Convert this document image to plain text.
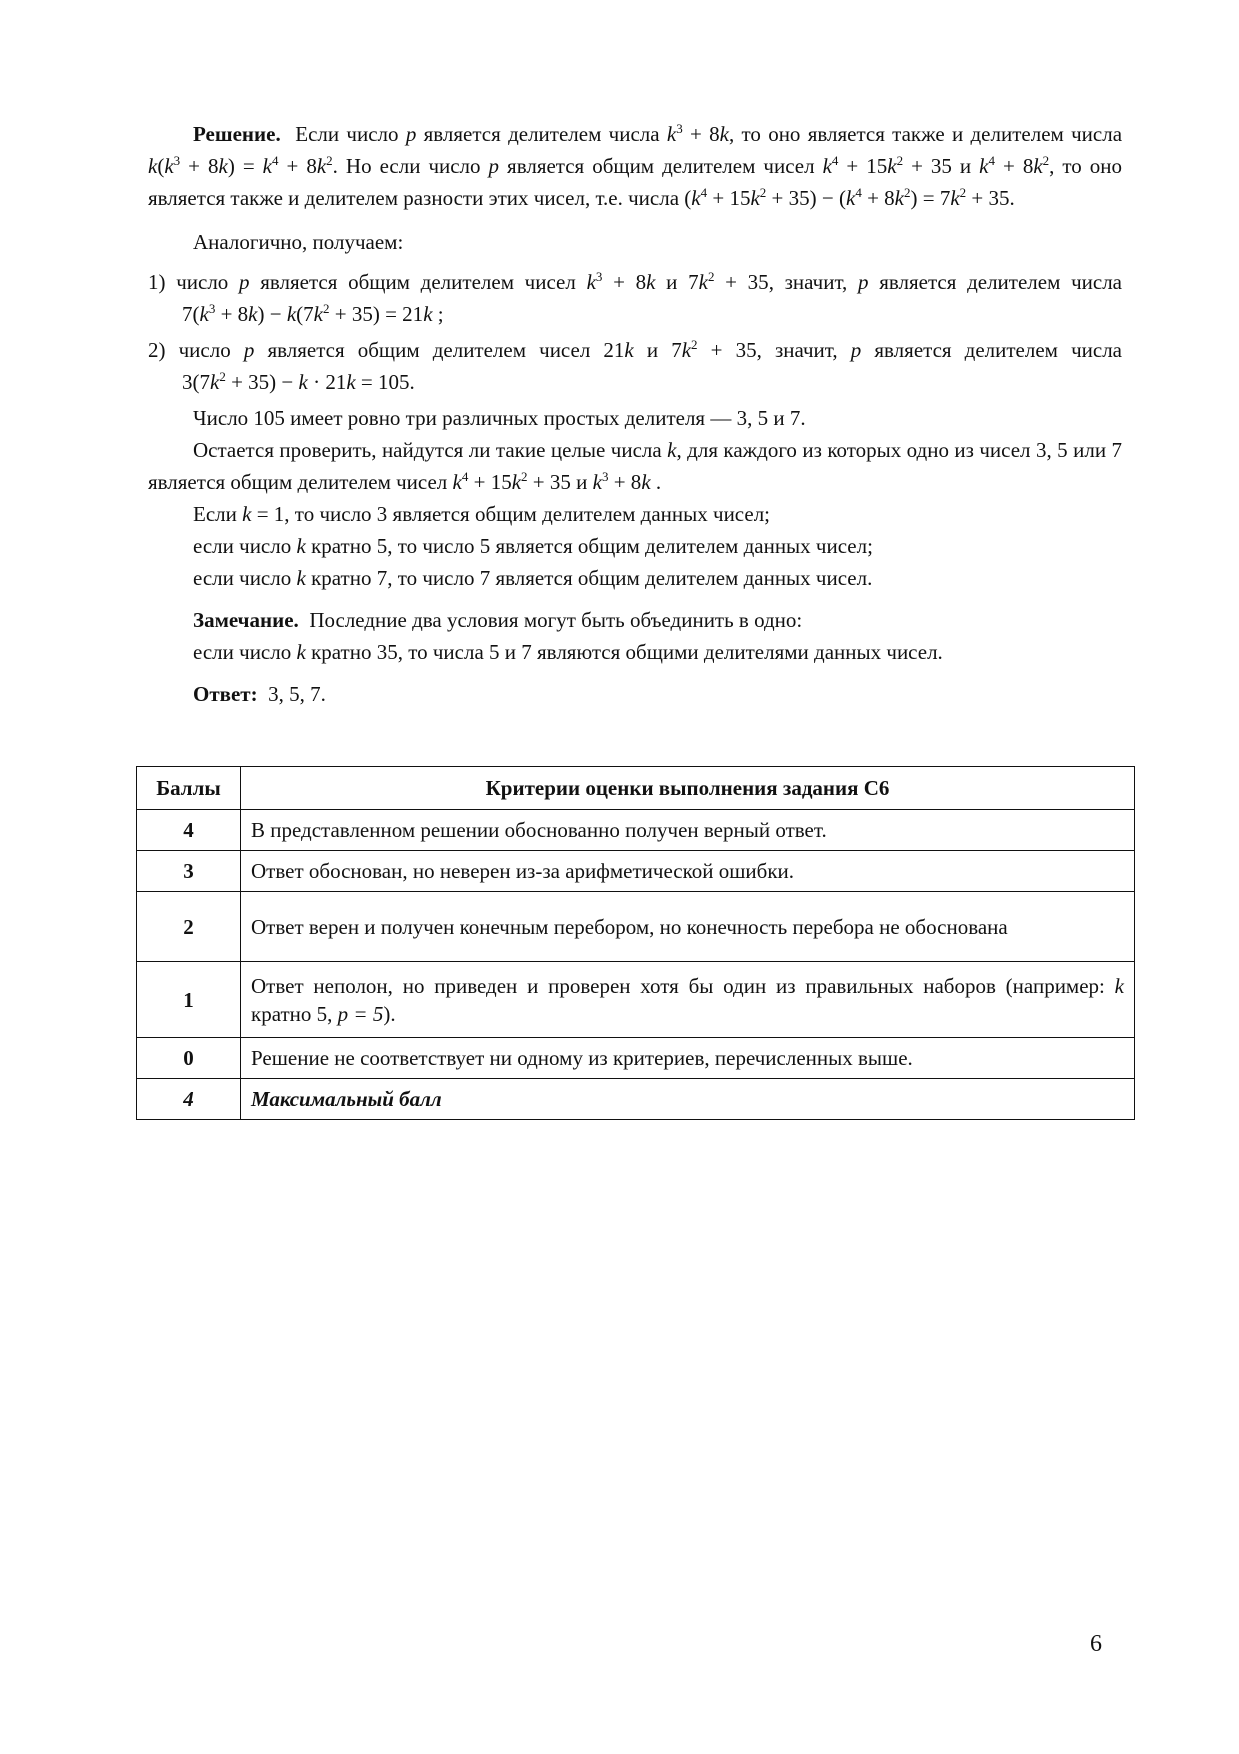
Решение. Если число p является делителем числа $k^3 + 8k$, то оно является также и делителем числа $k(k^3 + 8k) = k^4 + 8k^2$. Но если число p является общим делителем чисел $k^4 + 15k^2 + 35$ и $k^4 + 8k^2$, то оно является также и делителем разности этих чисел, т.е. числа $(k^4 + 15k^2 + 35) - (k^4 + 8k^2) = 7k^2 + 35$.

Аналогично, получаем:

1) число p является общим делителем чисел $k^3 + 8k$ и $7k^2 + 35$, значит, p является делителем числа $7(k^3 + 8k) - k(7k^2 + 35) = 21k$ ;

2) число p является общим делителем чисел 21k и $7k^2 + 35$, значит, p является делителем числа $3(7k^2 + 35) - k \cdot 21k = 105$.

Число 105 имеет ровно три различных простых делителя — 3, 5 и 7.

Остается проверить, найдутся ли такие целые числа k, для каждого из которых одно из чисел 3, 5 или 7 является общим делителем чисел $k^4 + 15k^2 + 35$ и $k^3 + 8k$ .

Если k = 1, то число 3 является общим делителем данных чисел;

если число k кратно 5, то число 5 является общим делителем данных чисел;

если число k кратно 7, то число 7 является общим делителем данных чисел.

Замечание. Последние два условия могут быть объединить в одно:

если число k кратно 35, то числа 5 и 7 являются общими делителями данных чисел.

Ответ: 3, 5, 7.

Баллы	Критерии оценки выполнения задания С6
4	В представленном решении обоснованно получен верный ответ.
3	Ответ обоснован, но неверен из-за арифметической ошибки.
2	Ответ верен и получен конечным перебором, но конечность перебора не обоснована
1	Ответ неполон, но приведен и проверен хотя бы один из правильных наборов (например: k кратно 5, p = 5).
0	Решение не соответствует ни одному из критериев, перечисленных выше.
4	Максимальный балл
6
